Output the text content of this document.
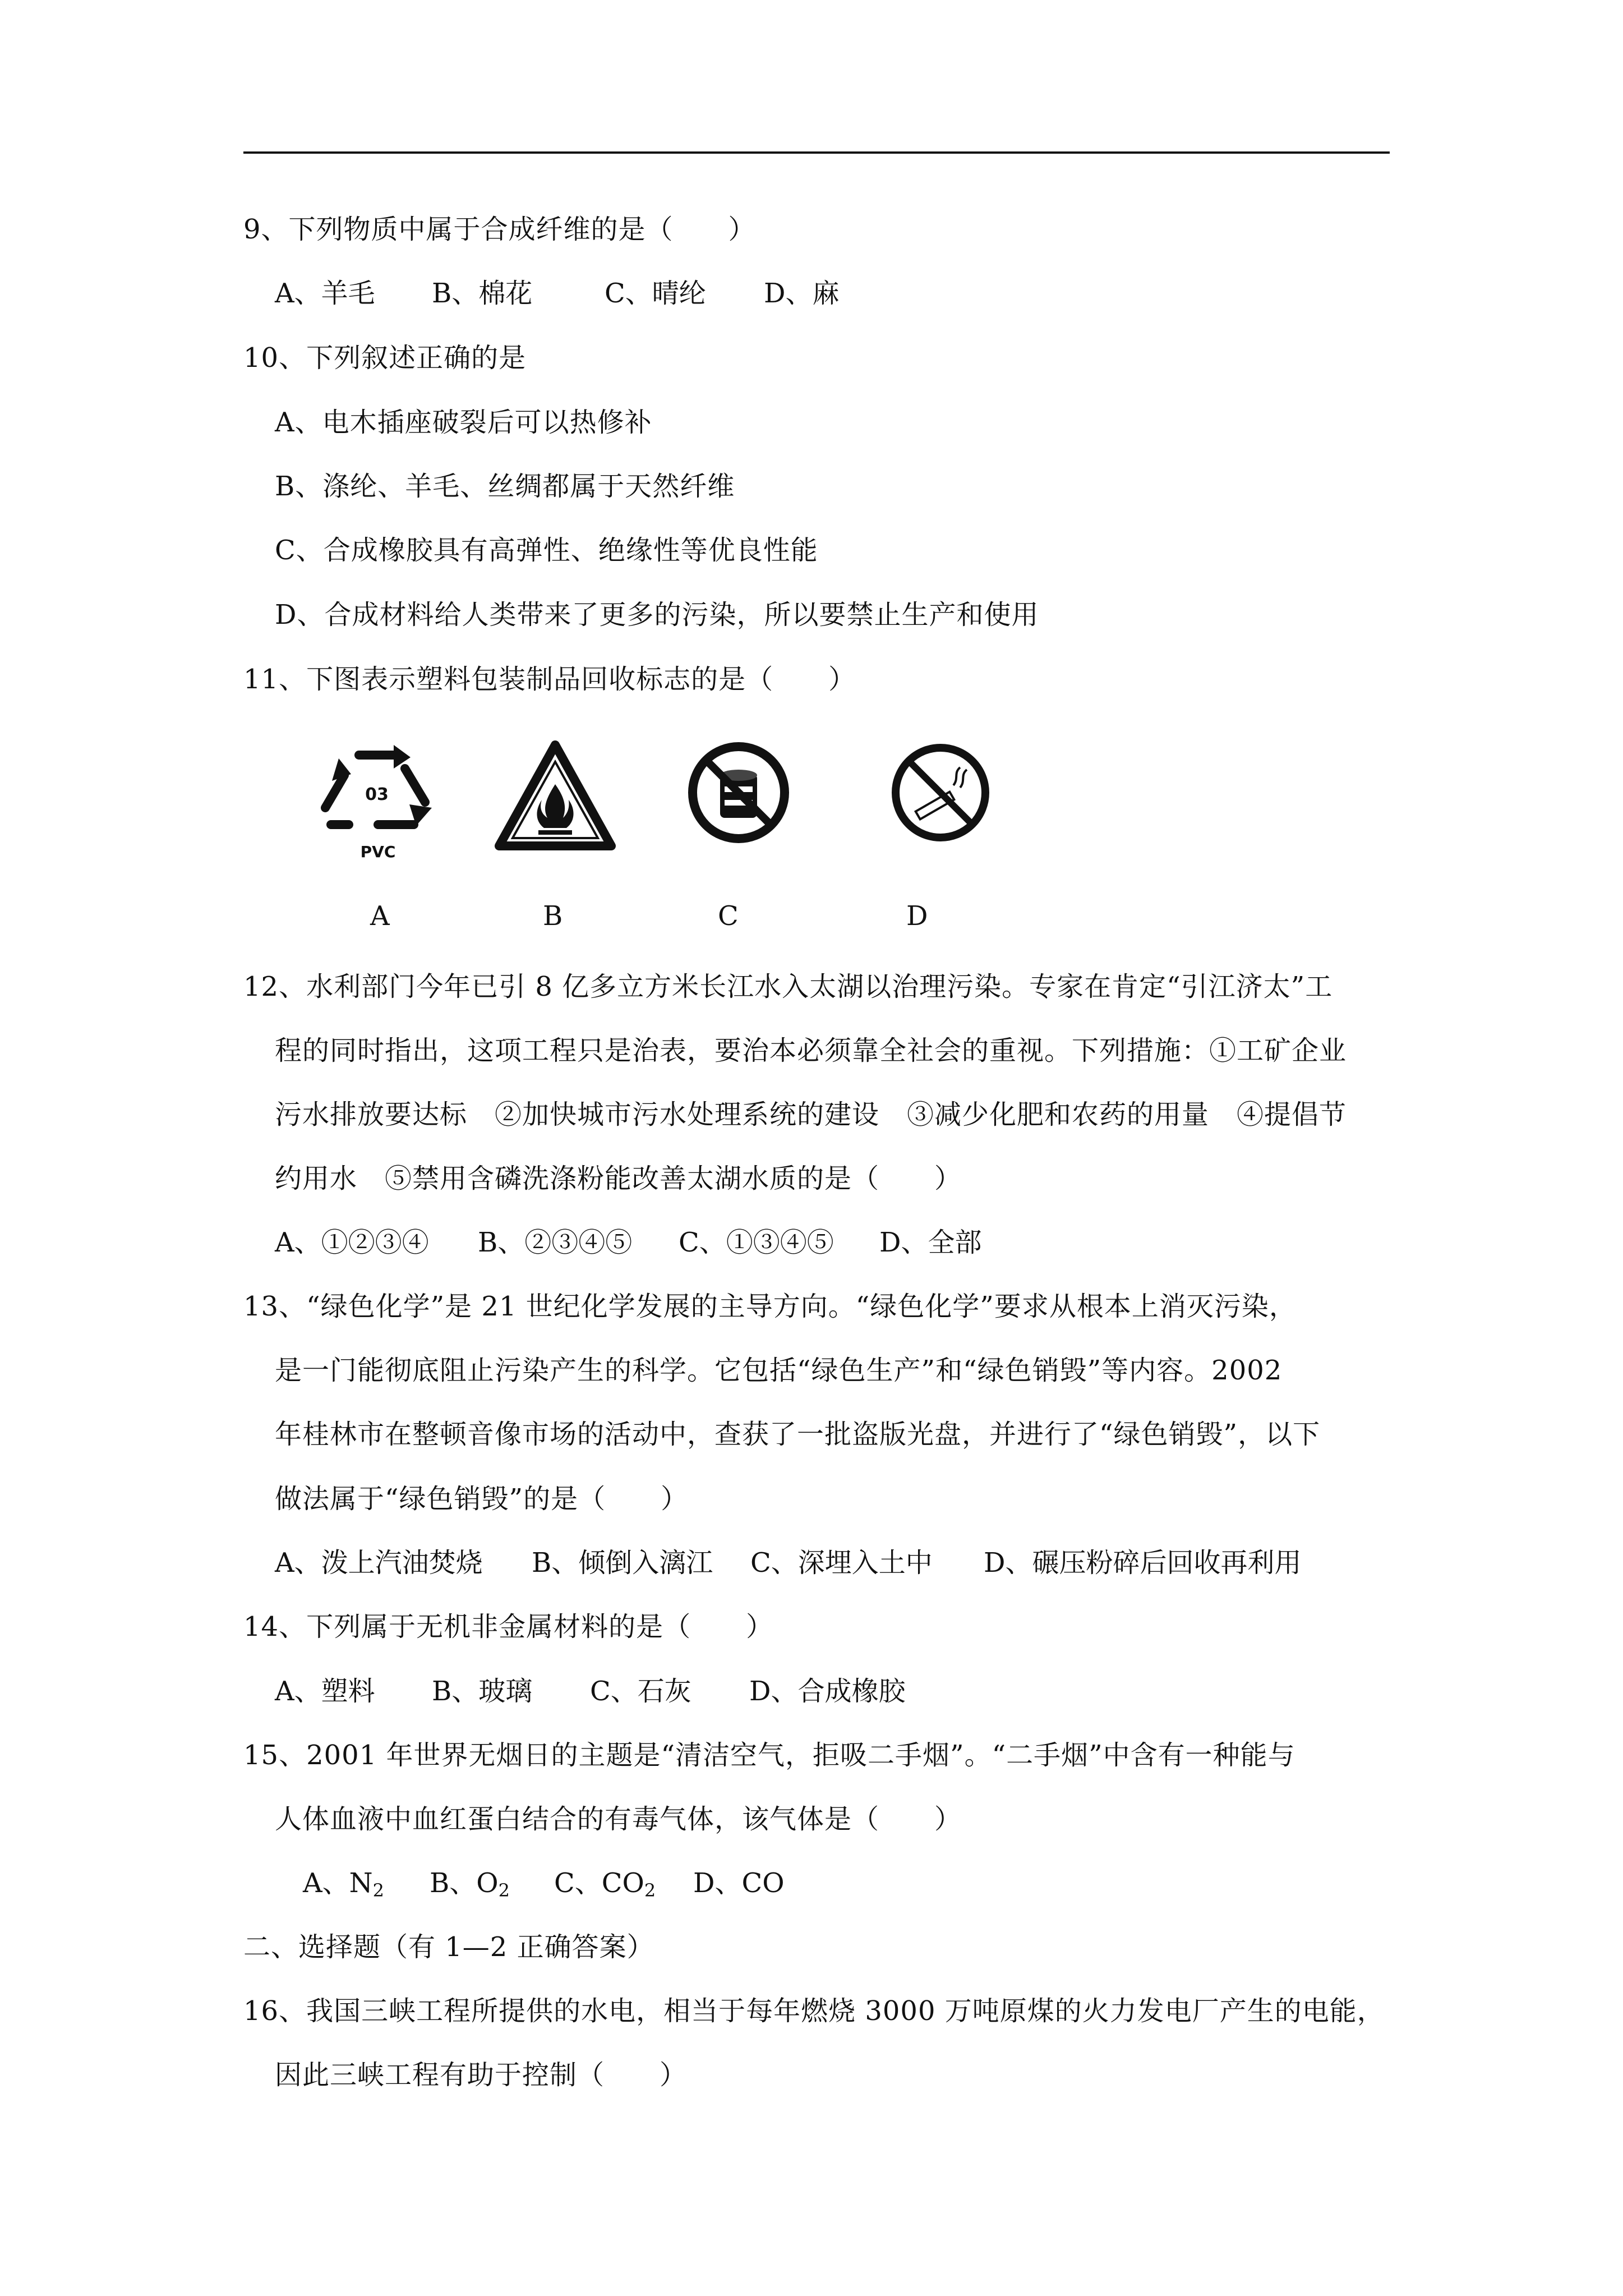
9、下列物质中属于合成纤维的是（　　）
A、羊毛 B、棉花	C、晴纶 D、麻
10、下列叙述正确的是
A、电木插座破裂后可以热修补
B、涤纶、羊毛、丝绸都属于天然纤维
C、合成橡胶具有高弹性、绝缘性等优良性能
D、合成材料给人类带来了更多的污染，所以要禁止生产和使用
11、下图表示塑料包装制品回收标志的是（　　）
03
PVC
A	B	C	D
12、水利部门今年已引 8 亿多立方米长江水入太湖以治理污染。专家在肯定“引江济太”工
程的同时指出，这项工程只是治表，要治本必须靠全社会的重视。下列措施：①工矿企业
污水排放要达标　②加快城市污水处理系统的建设　③减少化肥和农药的用量　④提倡节
约用水　⑤禁用含磷洗涤粉能改善太湖水质的是（　　）
A、①②③④ B、②③④⑤ C、①③④⑤ D、全部
13、“绿色化学”是 21 世纪化学发展的主导方向。“绿色化学”要求从根本上消灭污染，
是一门能彻底阻止污染产生的科学。它包括“绿色生产”和“绿色销毁”等内容。2002
年桂林市在整顿音像市场的活动中，查获了一批盗版光盘，并进行了“绿色销毁”，以下
做法属于“绿色销毁”的是（　　）
A、泼上汽油焚烧 B、倾倒入漓江 C、深埋入土中 D、碾压粉碎后回收再利用
14、下列属于无机非金属材料的是（　　）
A、塑料 B、玻璃 C、石灰 D、合成橡胶
15、2001 年世界无烟日的主题是“清洁空气，拒吸二手烟”。“二手烟”中含有一种能与
人体血液中血红蛋白结合的有毒气体，该气体是（　　）
A、$N_2$ B、$O_2$ C、$CO_2$ D、CO
二、选择题（有 1—2 正确答案）
16、我国三峡工程所提供的水电，相当于每年燃烧 3000 万吨原煤的火力发电厂产生的电能，
因此三峡工程有助于控制（　　）
